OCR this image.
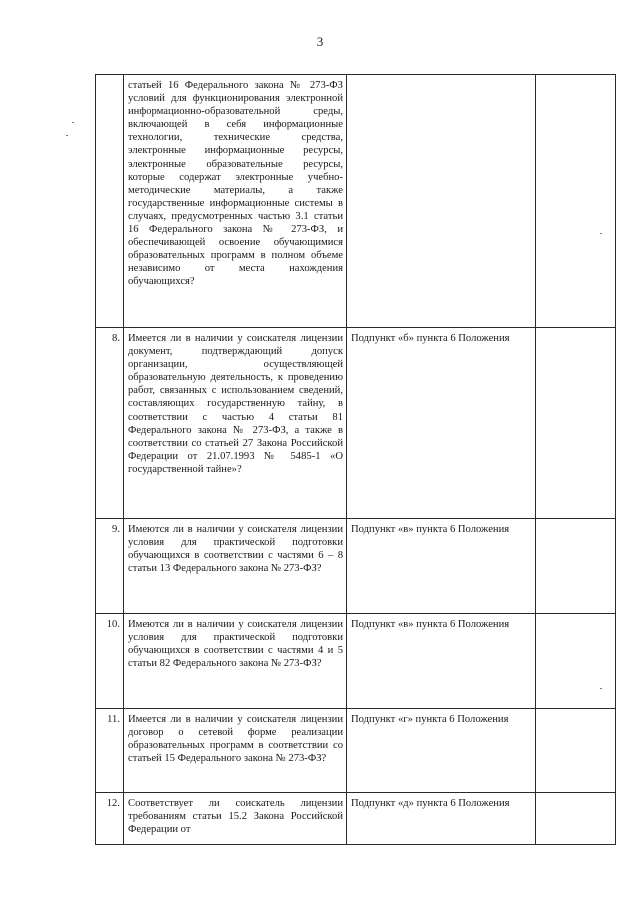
3
	статьей 16 Федерального закона № 273-ФЗ условий для функционирования электронной информационно-образовательной среды, включающей в себя информационные технологии, технические средства, электронные информационные ресурсы, электронные образовательные ресурсы, которые содержат электронные учебно-методические материалы, а также государственные информационные системы в случаях, предусмотренных частью 3.1 статьи 16 Федерального закона № 273-ФЗ, и обеспечивающей освоение обучающимися образовательных программ в полном объеме независимо от места нахождения обучающихся?		
8.	Имеется ли в наличии у соискателя лицензии документ, подтверждающий допуск организации, осуществляющей образовательную деятельность, к проведению работ, связанных с использованием сведений, составляющих государственную тайну, в соответствии с частью 4 статьи 81 Федерального закона № 273-ФЗ, а также в соответствии со статьей 27 Закона Российской Федерации от 21.07.1993 № 5485-1 «О государственной тайне»?	Подпункт «б» пункта 6 Положения	
9.	Имеются ли в наличии у соискателя лицензии условия для практической подготовки обучающихся в соответствии с частями 6 – 8 статьи 13 Федерального закона № 273-ФЗ?	Подпункт «в» пункта 6 Положения	
10.	Имеются ли в наличии у соискателя лицензии условия для практической подготовки обучающихся в соответствии с частями 4 и 5 статьи 82 Федерального закона № 273-ФЗ?	Подпункт «в» пункта 6 Положения	
11.	Имеется ли в наличии у соискателя лицензии договор о сетевой форме реализации образовательных программ в соответствии со статьей 15 Федерального закона № 273-ФЗ?	Подпункт «г» пункта 6 Положения	
12.	Соответствует ли соискатель лицензии требованиям статьи 15.2 Закона Российской Федерации от	Подпункт «д» пункта 6 Положения	
